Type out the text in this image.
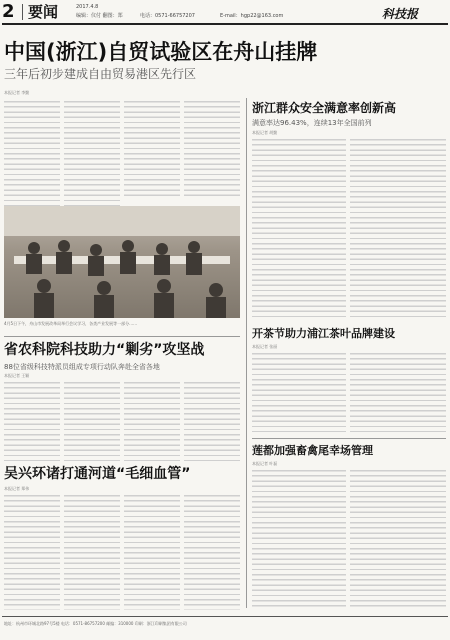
2 要闻	2017.4.8
编辑：仪付 翻图：郑	电话：0571-66757207	E-mail：hgp22@163.com	科技报
中国(浙江)自贸试验区在舟山挂牌
三年后初步建成自由贸易港区先行区
本报记者 李勤
4月5日下午，舟山市发展改革局举行会议学习，各类产业发展等一部分……
浙江群众安全满意率创新高
满意率达96.43%，连续13年全国前列
本报记者 胡勤
开茶节助力浦江茶叶品牌建设
本报记者 张丽
省农科院科技助力“剿劣”攻坚战
88位省级科技特派员组成专项行动队奔赴全省各地
本报记者 王颖
吴兴环诸打通河道“毛细血管”
本报记者 郑伟
莲都加强畜禽尾幸场管理
本报记者 叶磊
地址：杭州市环城北路97号5楼 电话：0571-86757200 邮编：310000 印刷：浙江印刷集团有限公司
